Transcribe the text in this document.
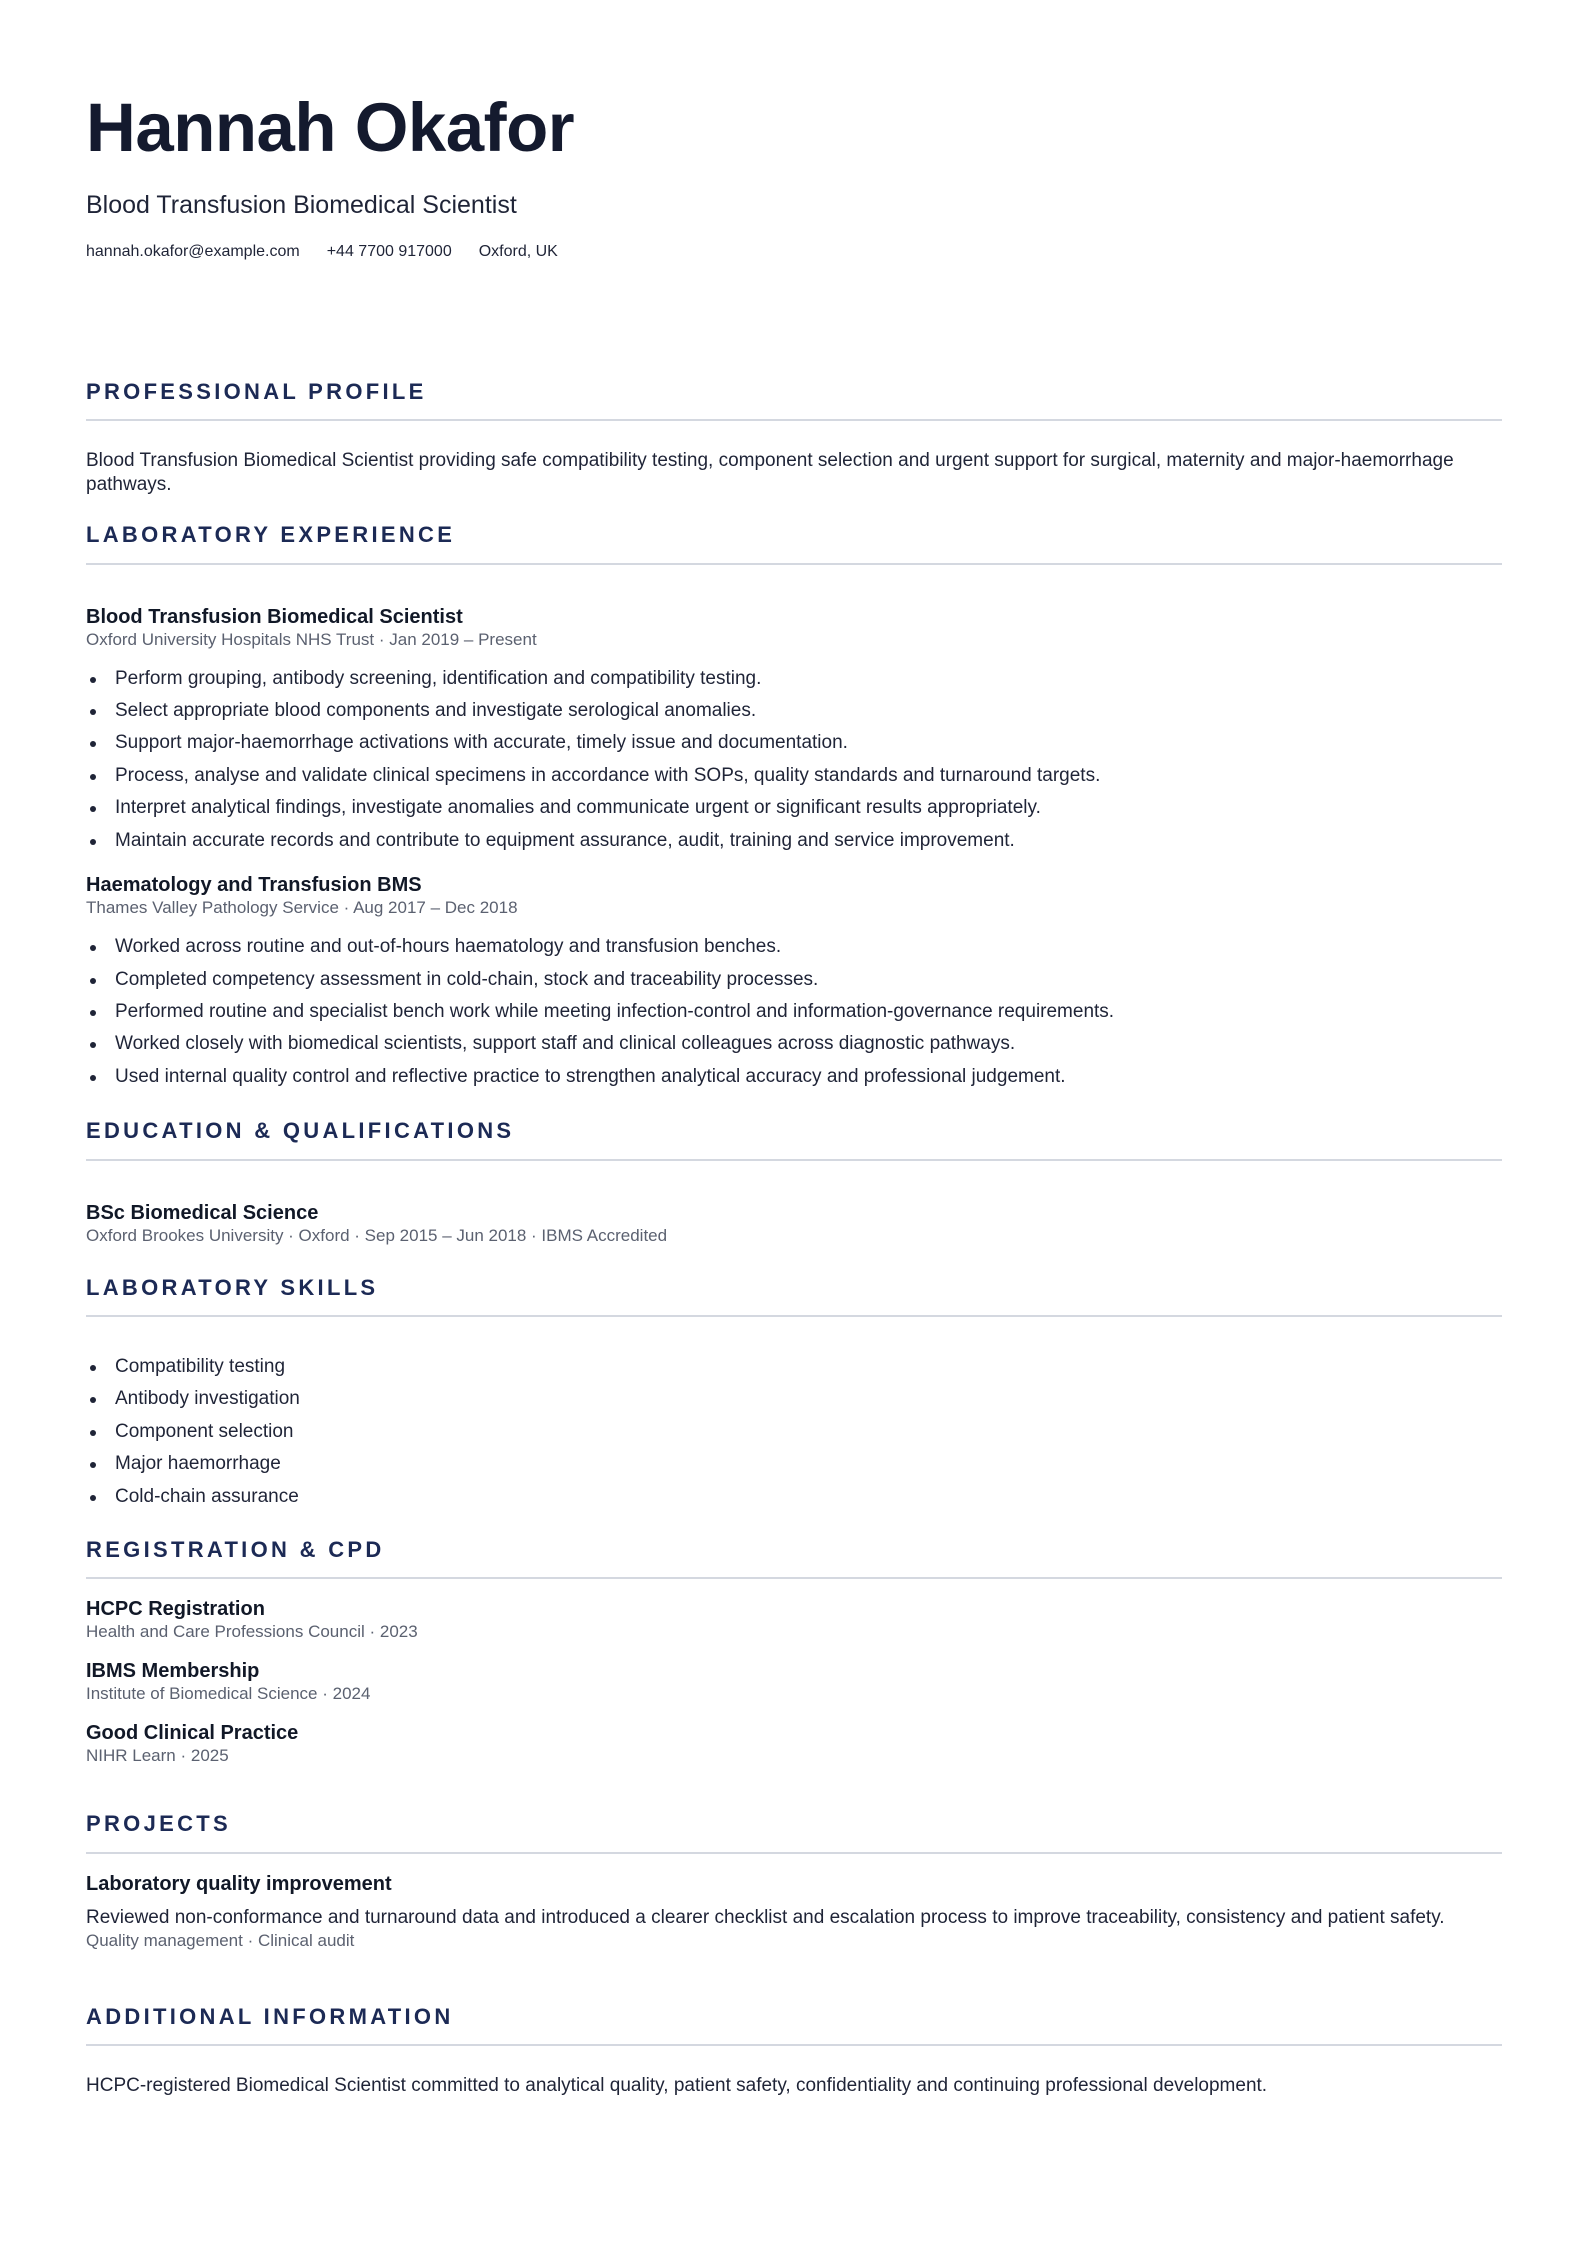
Hannah Okafor
Blood Transfusion Biomedical Scientist
hannah.okafor@example.com +44 7700 917000 Oxford, UK
PROFESSIONAL PROFILE
Blood Transfusion Biomedical Scientist providing safe compatibility testing, component selection and urgent support for surgical, maternity and major-haemorrhage pathways.
LABORATORY EXPERIENCE
Blood Transfusion Biomedical Scientist
Oxford University Hospitals NHS Trust · Jan 2019 – Present
Perform grouping, antibody screening, identification and compatibility testing.
Select appropriate blood components and investigate serological anomalies.
Support major-haemorrhage activations with accurate, timely issue and documentation.
Process, analyse and validate clinical specimens in accordance with SOPs, quality standards and turnaround targets.
Interpret analytical findings, investigate anomalies and communicate urgent or significant results appropriately.
Maintain accurate records and contribute to equipment assurance, audit, training and service improvement.
Haematology and Transfusion BMS
Thames Valley Pathology Service · Aug 2017 – Dec 2018
Worked across routine and out-of-hours haematology and transfusion benches.
Completed competency assessment in cold-chain, stock and traceability processes.
Performed routine and specialist bench work while meeting infection-control and information-governance requirements.
Worked closely with biomedical scientists, support staff and clinical colleagues across diagnostic pathways.
Used internal quality control and reflective practice to strengthen analytical accuracy and professional judgement.
EDUCATION & QUALIFICATIONS
BSc Biomedical Science
Oxford Brookes University · Oxford · Sep 2015 – Jun 2018 · IBMS Accredited
LABORATORY SKILLS
Compatibility testing
Antibody investigation
Component selection
Major haemorrhage
Cold-chain assurance
REGISTRATION & CPD
HCPC Registration
Health and Care Professions Council · 2023
IBMS Membership
Institute of Biomedical Science · 2024
Good Clinical Practice
NIHR Learn · 2025
PROJECTS
Laboratory quality improvement
Reviewed non-conformance and turnaround data and introduced a clearer checklist and escalation process to improve traceability, consistency and patient safety.
Quality management · Clinical audit
ADDITIONAL INFORMATION
HCPC-registered Biomedical Scientist committed to analytical quality, patient safety, confidentiality and continuing professional development.
